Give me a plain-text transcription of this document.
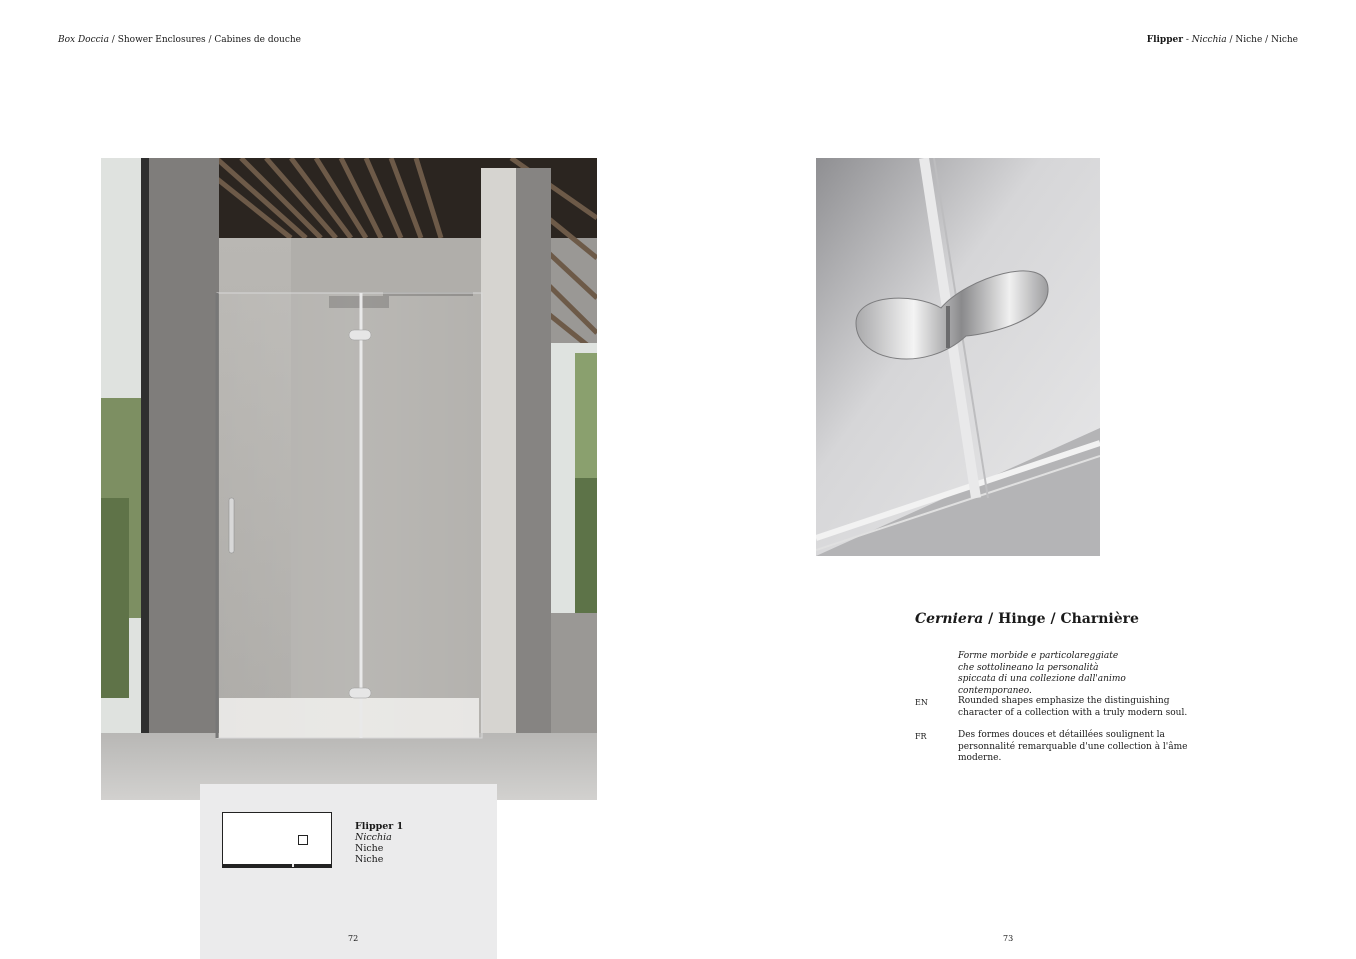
Box Doccia / Shower Enclosures / Cabines de douche	Flipper - Nicchia / Niche / Niche
Flipper 1
Nicchia
Niche
Niche
72
Cerniera / Hinge / Charnière
Forme morbide e particolareggiate che sottolineano la personalità spiccata di una collezione dall'animo contemporaneo.
EN	Rounded shapes emphasize the distinguishing character of a collection with a truly modern soul.
FR	Des formes douces et détaillées soulignent la personnalité remarquable d'une collection à l'âme moderne.
73
